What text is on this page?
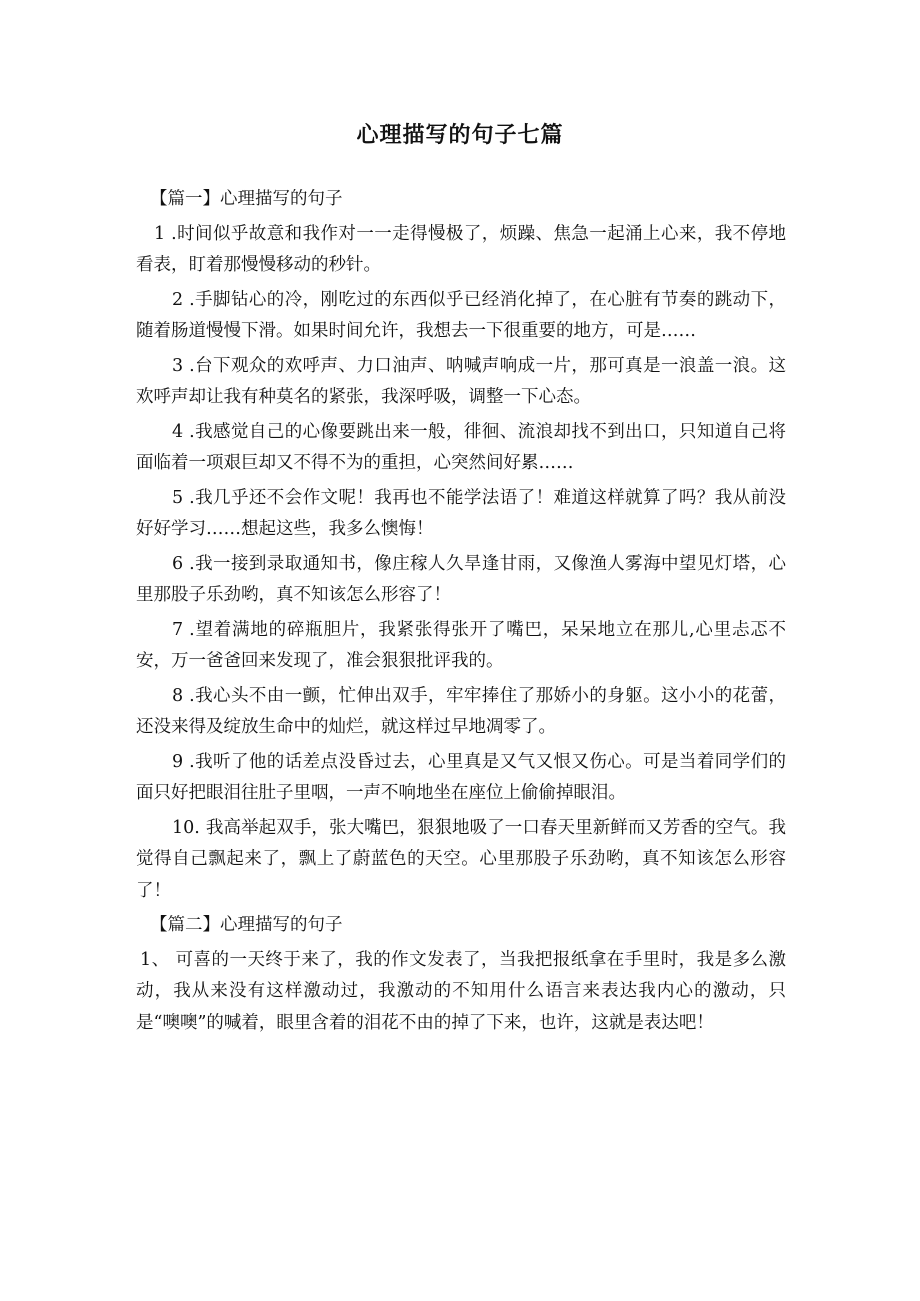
心理描写的句子七篇

【篇一】心理描写的句子

1 .时间似乎故意和我作对一一走得慢极了，烦躁、焦急一起涌上心来，我不停地看表，盯着那慢慢移动的秒针。

2 .手脚钻心的冷，刚吃过的东西似乎已经消化掉了，在心脏有节奏的跳动下，随着肠道慢慢下滑。如果时间允许，我想去一下很重要的地方，可是……

3 .台下观众的欢呼声、力口油声、呐喊声响成一片，那可真是一浪盖一浪。这欢呼声却让我有种莫名的紧张，我深呼吸，调整一下心态。

4 .我感觉自己的心像要跳出来一般，徘徊、流浪却找不到出口，只知道自己将面临着一项艰巨却又不得不为的重担，心突然间好累……

5 .我几乎还不会作文呢！我再也不能学法语了！难道这样就算了吗？我从前没好好学习……想起这些，我多么懊悔！

6 .我一接到录取通知书，像庄稼人久旱逢甘雨，又像渔人雾海中望见灯塔，心里那股子乐劲哟，真不知该怎么形容了！

7 .望着满地的碎瓶胆片，我紧张得张开了嘴巴，呆呆地立在那儿,心里忐忑不安，万一爸爸回来发现了，准会狠狠批评我的。

8 .我心头不由一颤，忙伸出双手，牢牢捧住了那娇小的身躯。这小小的花蕾，还没来得及绽放生命中的灿烂，就这样过早地凋零了。

9 .我听了他的话差点没昏过去，心里真是又气又恨又伤心。可是当着同学们的面只好把眼泪往肚子里咽，一声不响地坐在座位上偷偷掉眼泪。

10. 我高举起双手，张大嘴巴，狠狠地吸了一口春天里新鲜而又芳香的空气。我觉得自己飘起来了，飘上了蔚蓝色的天空。心里那股子乐劲哟，真不知该怎么形容了！

【篇二】心理描写的句子

1、 可喜的一天终于来了，我的作文发表了，当我把报纸拿在手里时，我是多么激动，我从来没有这样激动过，我激动的不知用什么语言来表达我内心的激动，只是“噢噢”的喊着，眼里含着的泪花不由的掉了下来，也许，这就是表达吧！
